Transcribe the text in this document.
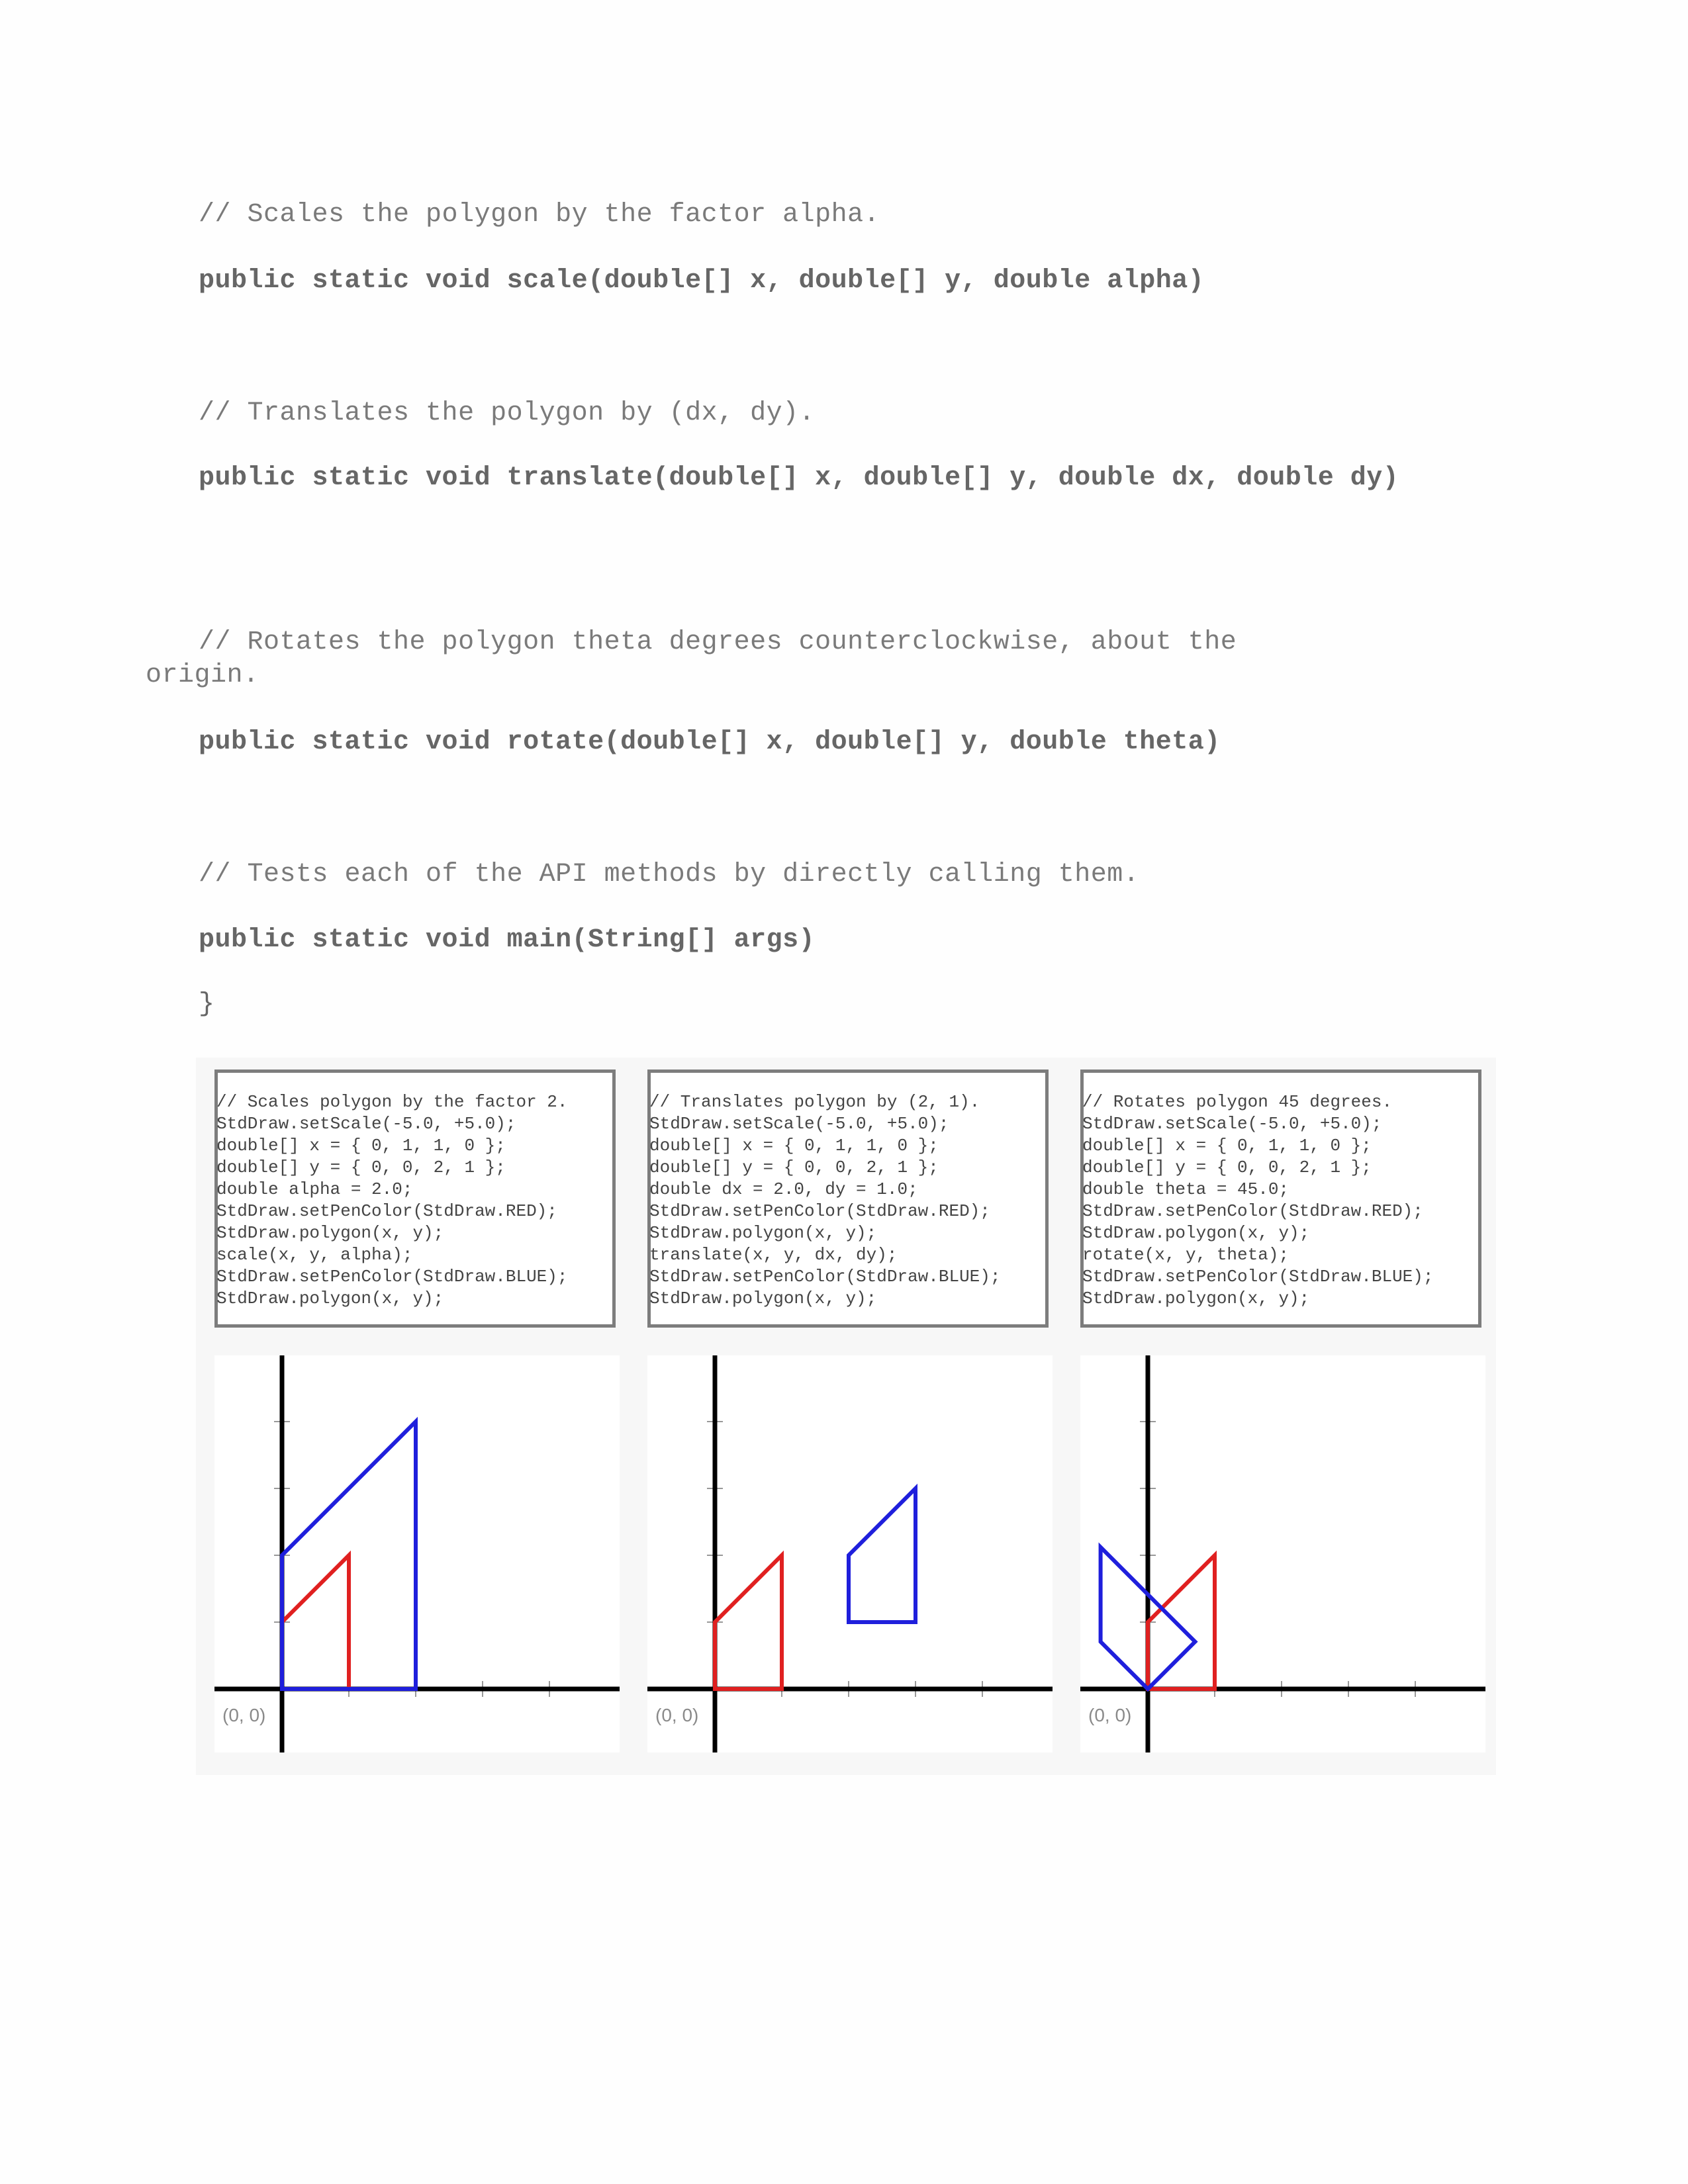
// Scales the polygon by the factor alpha.
public static void scale(double[] x, double[] y, double alpha)
// Translates the polygon by (dx, dy).
public static void translate(double[] x, double[] y, double dx, double dy)
// Rotates the polygon theta degrees counterclockwise, about the origin.
public static void rotate(double[] x, double[] y, double theta)
// Tests each of the API methods by directly calling them.
public static void main(String[] args)
}
// Scales polygon by the factor 2.
StdDraw.setScale(-5.0, +5.0);
double[] x = { 0, 1, 1, 0 };
double[] y = { 0, 0, 2, 1 };
double alpha = 2.0;
StdDraw.setPenColor(StdDraw.RED);
StdDraw.polygon(x, y);
scale(x, y, alpha);
StdDraw.setPenColor(StdDraw.BLUE);
StdDraw.polygon(x, y);
// Translates polygon by (2, 1).
StdDraw.setScale(-5.0, +5.0);
double[] x = { 0, 1, 1, 0 };
double[] y = { 0, 0, 2, 1 };
double dx = 2.0, dy = 1.0;
StdDraw.setPenColor(StdDraw.RED);
StdDraw.polygon(x, y);
translate(x, y, dx, dy);
StdDraw.setPenColor(StdDraw.BLUE);
StdDraw.polygon(x, y);
// Rotates polygon 45 degrees.
StdDraw.setScale(-5.0, +5.0);
double[] x = { 0, 1, 1, 0 };
double[] y = { 0, 0, 2, 1 };
double theta = 45.0;
StdDraw.setPenColor(StdDraw.RED);
StdDraw.polygon(x, y);
rotate(x, y, theta);
StdDraw.setPenColor(StdDraw.BLUE);
StdDraw.polygon(x, y);
(0, 0)	(0, 0)	(0, 0)
